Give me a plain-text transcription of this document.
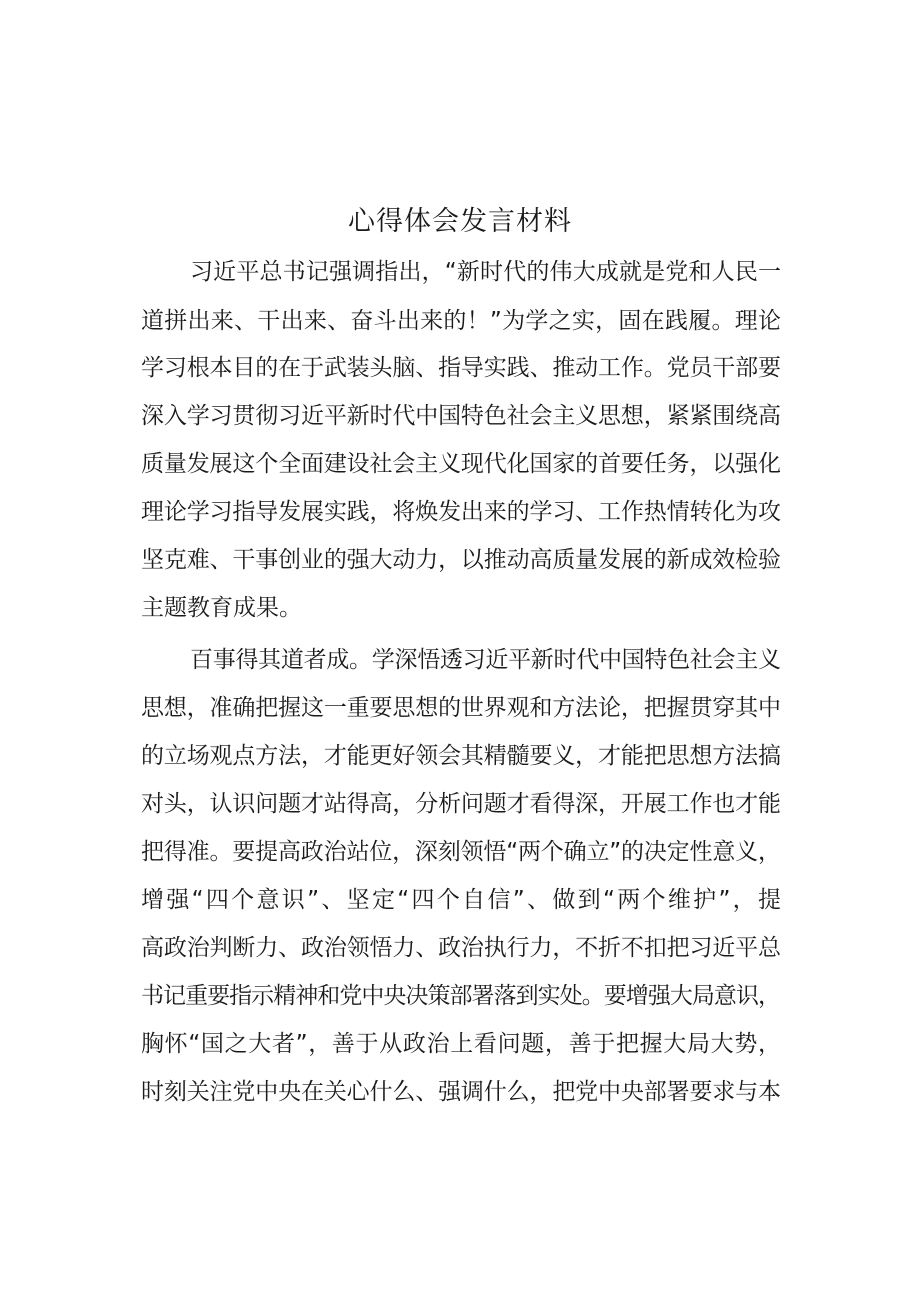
心得体会发言材料
习近平总书记强调指出，“新时代的伟大成就是党和人民一
道拼出来、干出来、奋斗出来的！”为学之实，固在践履。理论
学习根本目的在于武装头脑、指导实践、推动工作。党员干部要
深入学习贯彻习近平新时代中国特色社会主义思想，紧紧围绕高
质量发展这个全面建设社会主义现代化国家的首要任务，以强化
理论学习指导发展实践，将焕发出来的学习、工作热情转化为攻
坚克难、干事创业的强大动力，以推动高质量发展的新成效检验
主题教育成果。
百事得其道者成。学深悟透习近平新时代中国特色社会主义
思想，准确把握这一重要思想的世界观和方法论，把握贯穿其中
的立场观点方法，才能更好领会其精髓要义，才能把思想方法搞
对头，认识问题才站得高，分析问题才看得深，开展工作也才能
把得准。要提高政治站位，深刻领悟“两个确立”的决定性意义，
增强“四个意识”、坚定“四个自信”、做到“两个维护”，提
高政治判断力、政治领悟力、政治执行力，不折不扣把习近平总
书记重要指示精神和党中央决策部署落到实处。要增强大局意识，
胸怀“国之大者”，善于从政治上看问题，善于把握大局大势，
时刻关注党中央在关心什么、强调什么，把党中央部署要求与本
